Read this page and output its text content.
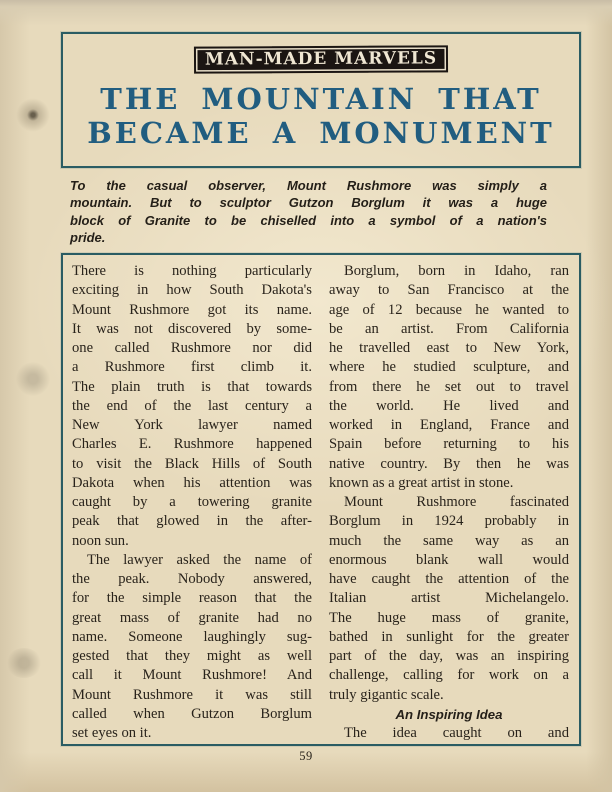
MAN-MADE MARVELS
THE MOUNTAIN THAT
BECAME A MONUMENT
To the casual observer, Mount Rushmore was simply a
mountain. But to sculptor Gutzon Borglum it was a huge
block of Granite to be chiselled into a symbol of a nation's
pride.
There is nothing particularly
exciting in how South Dakota's
Mount Rushmore got its name.
It was not discovered by some-
one called Rushmore nor did
a Rushmore first climb it.
The plain truth is that towards
the end of the last century a
New York lawyer named
Charles E. Rushmore happened
to visit the Black Hills of South
Dakota when his attention was
caught by a towering granite
peak that glowed in the after-
noon sun.
The lawyer asked the name of
the peak. Nobody answered,
for the simple reason that the
great mass of granite had no
name. Someone laughingly sug-
gested that they might as well
call it Mount Rushmore! And
Mount Rushmore it was still
called when Gutzon Borglum
set eyes on it.
Borglum, born in Idaho, ran
away to San Francisco at the
age of 12 because he wanted to
be an artist. From California
he travelled east to New York,
where he studied sculpture, and
from there he set out to travel
the world. He lived and
worked in England, France and
Spain before returning to his
native country. By then he was
known as a great artist in stone.
Mount Rushmore fascinated
Borglum in 1924 probably in
much the same way as an
enormous blank wall would
have caught the attention of the
Italian artist Michelangelo.
The huge mass of granite,
bathed in sunlight for the greater
part of the day, was an inspiring
challenge, calling for work on a
truly gigantic scale.
An Inspiring Idea
The idea caught on and
59
